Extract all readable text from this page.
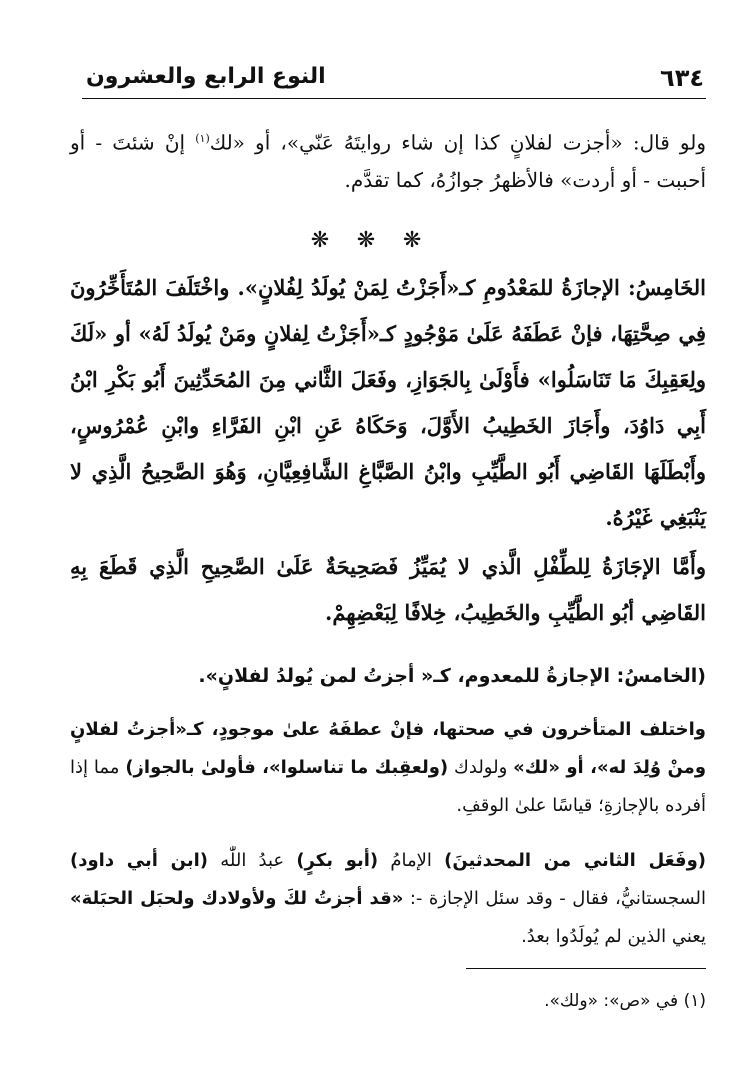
٦٣٤
النوع الرابع والعشرون

ولو قال: «أجزت لفلانٍ كذا إن شاء روايتَهُ عَنّي»، أو «لك$^{(١)}$ إنْ شئتَ - أو أحببت - أو أردت» فالأظهرُ جوازُهُ، كما تقدَّم.

❋ ❋ ❋

الخَامِسُ: الإجازَةُ للمَعْدُومِ كـ«أَجَزْتُ لِمَنْ يُولَدُ لِفُلانٍ». واخْتَلَفَ المُتَأَخِّرُونَ فِي صِحَّتِهَا، فإنْ عَطَفَهُ عَلَىٰ مَوْجُودٍ كـ«أَجَزْتُ لِفلانٍ ومَنْ يُولَدُ لَهُ» أو «لَكَ ولِعَقِبِكَ مَا تَنَاسَلُوا» فأَوْلَىٰ بِالجَوَازِ، وفَعَلَ الثَّاني مِنَ المُحَدِّثِينَ أَبُو بَكْرِ ابْنُ أَبِي دَاوُدَ، وأَجَازَ الخَطِيبُ الأَوَّلَ، وَحَكَاهُ عَنِ ابْنِ الفَرَّاءِ وابْنِ عُمْرُوسٍ، وأَبْطَلَهَا القَاضِي أَبُو الطَّيِّبِ وابْنُ الصَّبَّاغِ الشَّافِعِيَّانِ، وَهُوَ الصَّحِيحُ الَّذِي لا يَنْبَغِي غَيْرُهُ.

وأَمَّا الإجَازَةُ لِلطِّفْلِ الَّذي لا يُمَيِّزُ فَصَحِيحَةٌ عَلَىٰ الصَّحِيحِ الَّذِي قَطَعَ بِهِ القَاضِي أبُو الطَّيِّبِ والخَطِيبُ، خِلافًا لِبَعْضِهِمْ.

(الخامسُ: الإجازةُ للمعدوم، كـ« أجزتُ لمن يُولدُ لفلانٍ».

واختلف المتأخرون في صحتها، فإنْ عطفَهُ علىٰ موجودٍ، كـ«أجزتُ لفلانٍ ومنْ وُلِدَ له»، أو «لك» ولولدك (ولعقِبك ما تناسلوا»، فأولىٰ بالجواز) مما إذا أفرده بالإجازةِ؛ قياسًا علىٰ الوقفِ.

(وفَعَل الثاني من المحدثينَ) الإمامُ (أبو بكرٍ) عبدُ اللّٰه (ابن أبي داود) السجستانيُّ، فقال - وقد سئل الإجازة -: «قد أجزتُ لكَ ولأولادك ولحبَل الحبَلة» يعني الذين لم يُولَدُوا بعدُ.

(١) في «ص»: «ولك».
